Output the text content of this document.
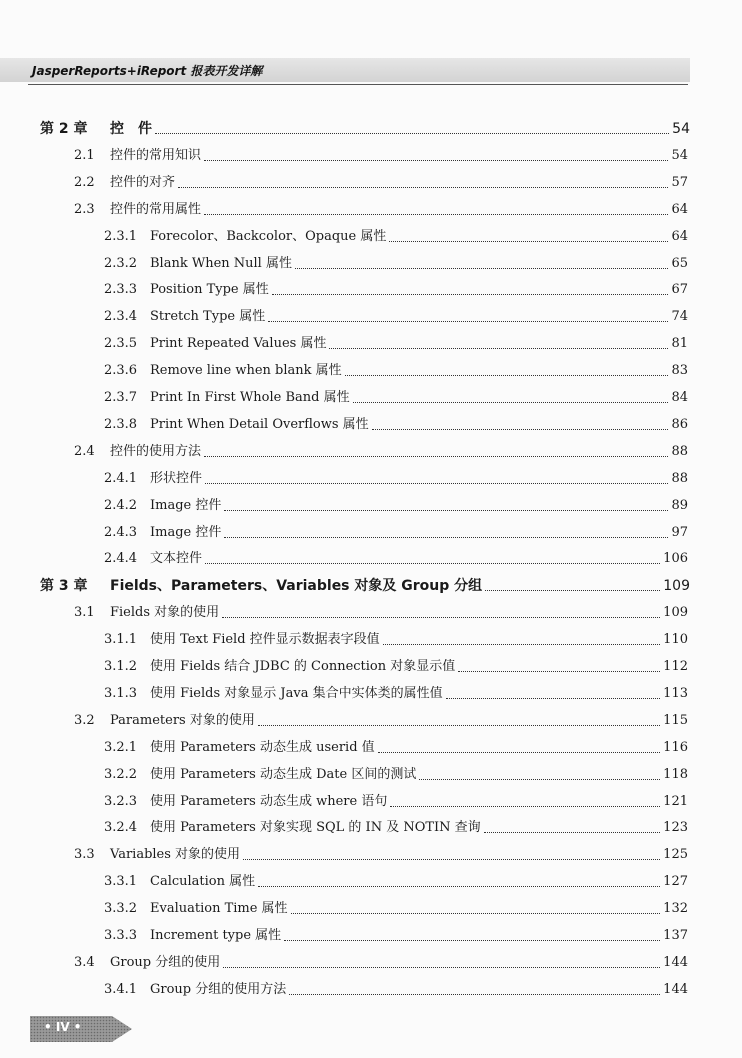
JasperReports+iReport 报表开发详解
第 2 章	控　件	54
2.1	控件的常用知识	54
2.2	控件的对齐	57
2.3	控件的常用属性	64
2.3.1 Forecolor、Backcolor、Opaque 属性	64
2.3.2 Blank When Null 属性	65
2.3.3 Position Type 属性	67
2.3.4 Stretch Type 属性	74
2.3.5 Print Repeated Values 属性	81
2.3.6 Remove line when blank 属性	83
2.3.7 Print In First Whole Band 属性	84
2.3.8 Print When Detail Overflows 属性	86
2.4	控件的使用方法	88
2.4.1 形状控件	88
2.4.2 Image 控件	89
2.4.3 Image 控件	97
2.4.4 文本控件	106
第 3 章	Fields、Parameters、Variables 对象及 Group 分组	109
3.1	Fields 对象的使用	109
3.1.1 使用 Text Field 控件显示数据表字段值	110
3.1.2 使用 Fields 结合 JDBC 的 Connection 对象显示值	112
3.1.3 使用 Fields 对象显示 Java 集合中实体类的属性值	113
3.2	Parameters 对象的使用	115
3.2.1 使用 Parameters 动态生成 userid 值	116
3.2.2 使用 Parameters 动态生成 Date 区间的测试	118
3.2.3 使用 Parameters 动态生成 where 语句	121
3.2.4 使用 Parameters 对象实现 SQL 的 IN 及 NOTIN 查询	123
3.3	Variables 对象的使用	125
3.3.1 Calculation 属性	127
3.3.2 Evaluation Time 属性	132
3.3.3 Increment type 属性	137
3.4	Group 分组的使用	144
3.4.1 Group 分组的使用方法	144
• IV •
